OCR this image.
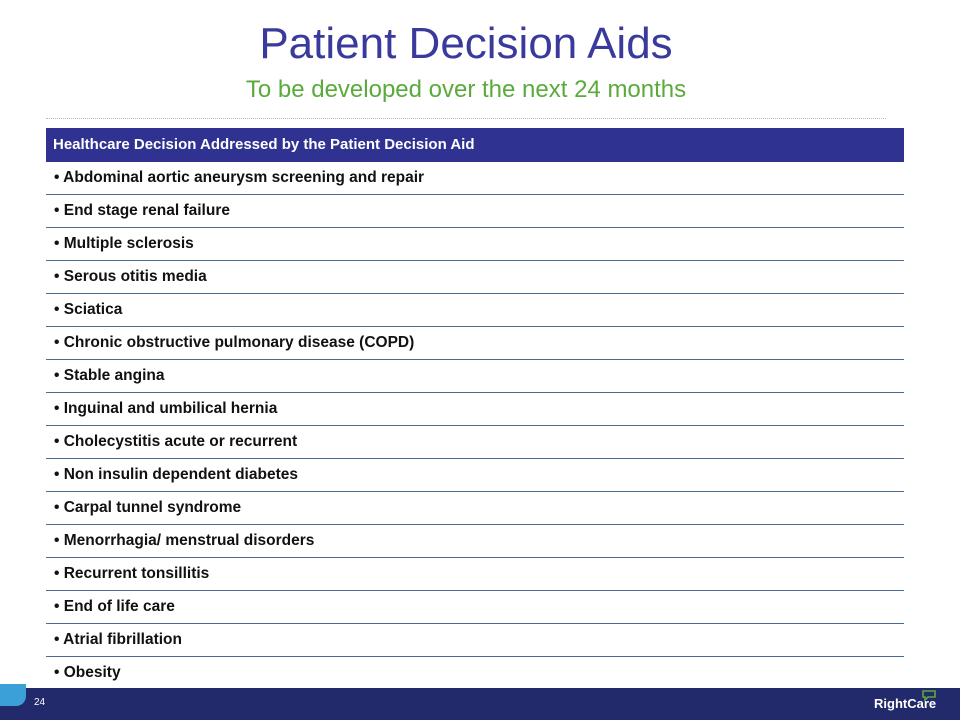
Patient Decision Aids
To be developed over the next 24 months
Healthcare Decision Addressed by the Patient Decision Aid
• Abdominal aortic aneurysm screening and repair
• End stage renal failure
• Multiple sclerosis
• Serous otitis media
• Sciatica
• Chronic obstructive pulmonary disease (COPD)
• Stable angina
• Inguinal and umbilical hernia
• Cholecystitis acute or recurrent
• Non insulin dependent diabetes
• Carpal tunnel syndrome
• Menorrhagia/ menstrual disorders
• Recurrent tonsillitis
• End of life care
• Atrial fibrillation
• Obesity
24	RightCare
